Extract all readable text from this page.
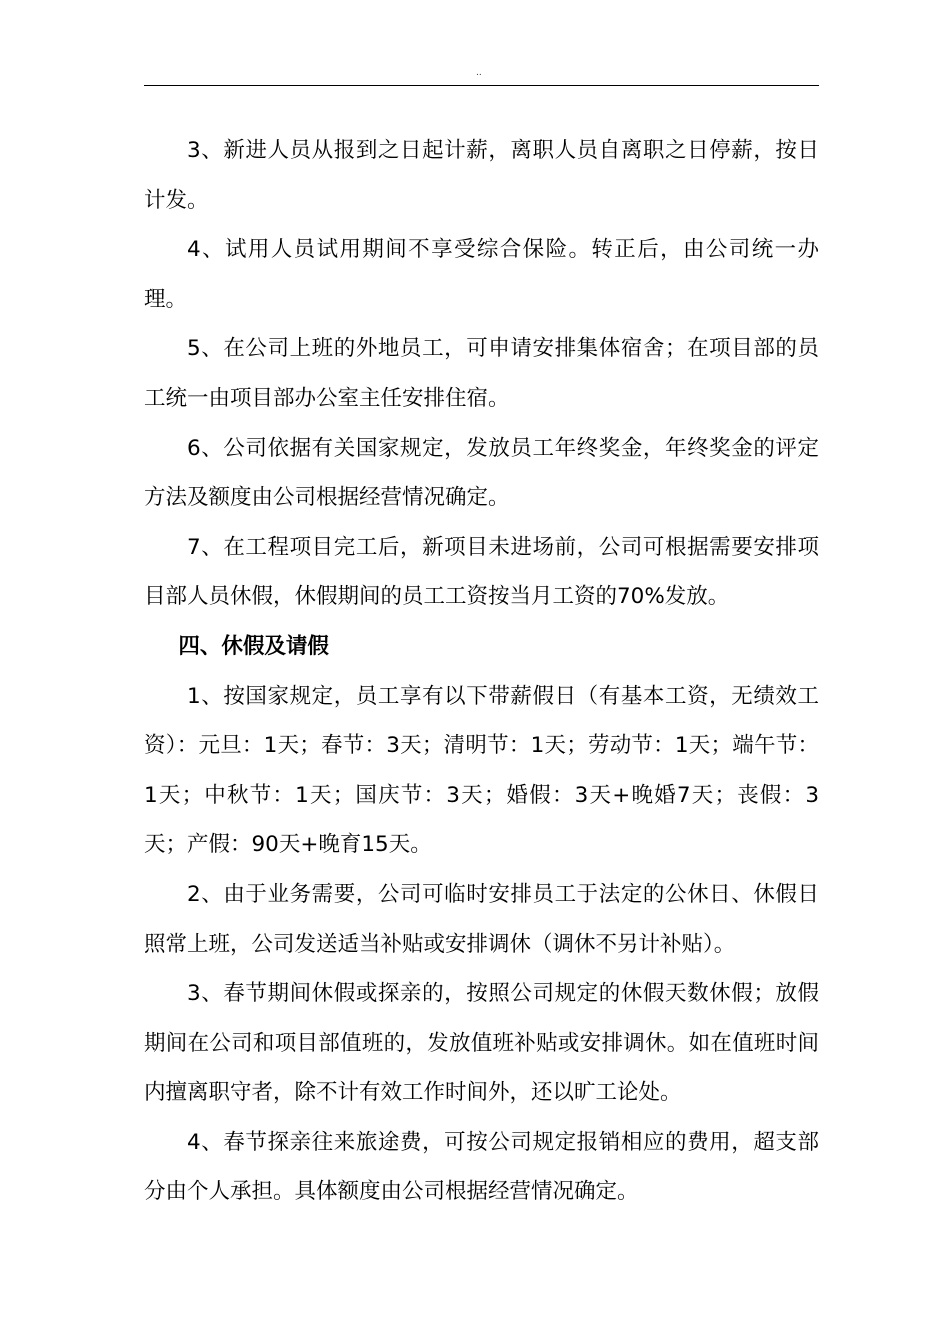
..

3、新进人员从报到之日起计薪，离职人员自离职之日停薪，按日计发。

4、试用人员试用期间不享受综合保险。转正后，由公司统一办理。

5、在公司上班的外地员工，可申请安排集体宿舍；在项目部的员工统一由项目部办公室主任安排住宿。

6、公司依据有关国家规定，发放员工年终奖金，年终奖金的评定方法及额度由公司根据经营情况确定。

7、在工程项目完工后，新项目未进场前，公司可根据需要安排项目部人员休假，休假期间的员工工资按当月工资的70%发放。

四、休假及请假

1、按国家规定，员工享有以下带薪假日（有基本工资，无绩效工资）：元旦：1天；春节：3天；清明节：1天；劳动节：1天；端午节：1天；中秋节：1天；国庆节：3天；婚假：3天+晚婚7天；丧假：3天；产假：90天+晚育15天。

2、由于业务需要，公司可临时安排员工于法定的公休日、休假日照常上班，公司发送适当补贴或安排调休（调休不另计补贴）。

3、春节期间休假或探亲的，按照公司规定的休假天数休假；放假期间在公司和项目部值班的，发放值班补贴或安排调休。如在值班时间内擅离职守者，除不计有效工作时间外，还以旷工论处。

4、春节探亲往来旅途费，可按公司规定报销相应的费用，超支部分由个人承担。具体额度由公司根据经营情况确定。
